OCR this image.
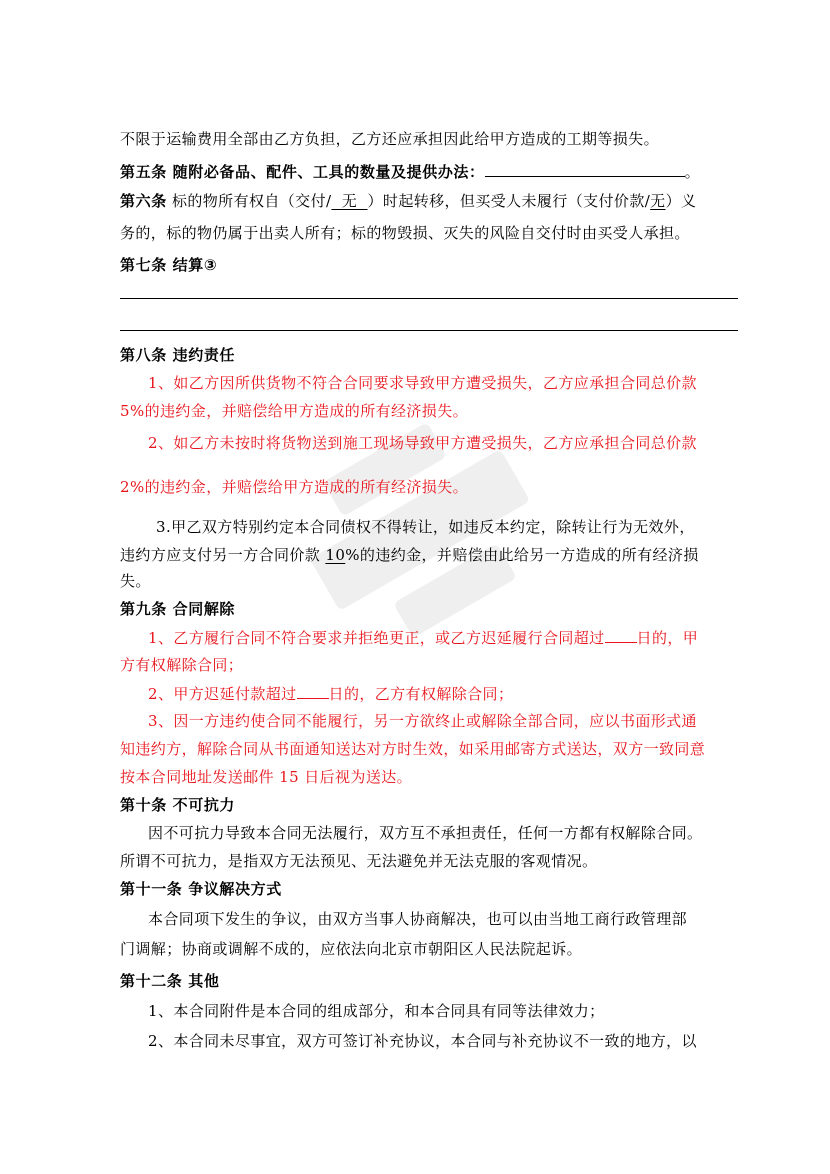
不限于运输费用全部由乙方负担，乙方还应承担因此给甲方造成的工期等损失。
第五条 随附必备品、配件、工具的数量及提供办法：	。
第六条 标的物所有权自（交付/  无  ）时起转移，但买受人未履行（支付价款/无）义
务的，标的物仍属于出卖人所有；标的物毁损、灭失的风险自交付时由买受人承担。
第七条 结算③
第八条 违约责任
1、如乙方因所供货物不符合合同要求导致甲方遭受损失，乙方应承担合同总价款
5%的违约金，并赔偿给甲方造成的所有经济损失。
2、如乙方未按时将货物送到施工现场导致甲方遭受损失，乙方应承担合同总价款
2%的违约金，并赔偿给甲方造成的所有经济损失。
3.甲乙双方特别约定本合同债权不得转让，如违反本约定，除转让行为无效外，
违约方应支付另一方合同价款 10%的违约金，并赔偿由此给另一方造成的所有经济损
失。
第九条 合同解除
1、乙方履行合同不符合要求并拒绝更正，或乙方迟延履行合同超过 日的，甲
方有权解除合同；
2、甲方迟延付款超过 日的，乙方有权解除合同；
3、因一方违约使合同不能履行，另一方欲终止或解除全部合同，应以书面形式通
知违约方，解除合同从书面通知送达对方时生效，如采用邮寄方式送达，双方一致同意
按本合同地址发送邮件 15 日后视为送达。
第十条 不可抗力
因不可抗力导致本合同无法履行，双方互不承担责任，任何一方都有权解除合同。
所谓不可抗力，是指双方无法预见、无法避免并无法克服的客观情况。
第十一条 争议解决方式
本合同项下发生的争议，由双方当事人协商解决，也可以由当地工商行政管理部
门调解；协商或调解不成的，应依法向北京市朝阳区人民法院起诉。
第十二条 其他
1、本合同附件是本合同的组成部分，和本合同具有同等法律效力；
2、本合同未尽事宜，双方可签订补充协议，本合同与补充协议不一致的地方，以
